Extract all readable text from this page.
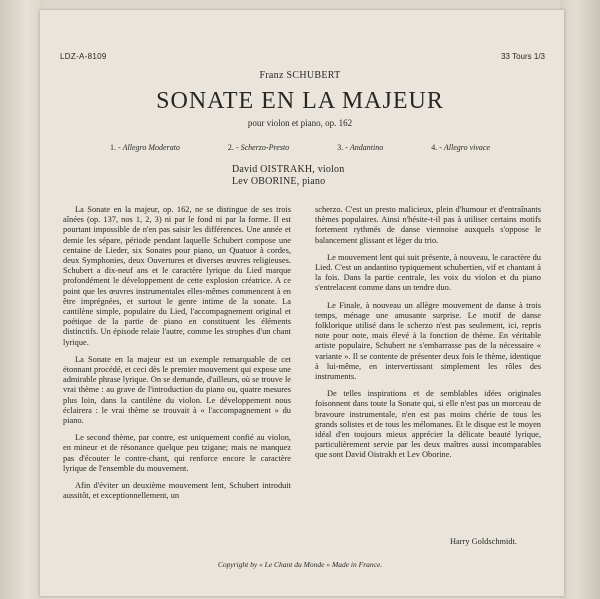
LDZ-A-8109	33 Tours 1/3
Franz SCHUBERT
SONATE EN LA MAJEUR
pour violon et piano, op. 162
1. - Allegro Moderato	2. - Scherzo-Presto	3. - Andantino	4. - Allegro vivace
David OISTRAKH, violon
Lev OBORINE, piano

La Sonate en la majeur, op. 162, ne se distingue de ses trois aînées (op. 137, nos 1, 2, 3) ni par le fond ni par la forme. Il est pourtant impossible de n'en pas saisir les différences. Une année et demie les sépare, période pendant laquelle Schubert compose une centaine de Lieder, six Sonates pour piano, un Quatuor à cordes, deux Symphonies, deux Ouvertures et diverses œuvres religieuses. Schubert a dix-neuf ans et le caractère lyrique du Lied marque profondément le développement de cette explosion créatrice. A ce point que les œuvres instrumentales elles-mêmes commencent à en être imprégnées, et surtout le genre intime de la sonate. La cantilène simple, populaire du Lied, l'accompagnement original et poétique de la partie de piano en constituent les éléments distinctifs. Un épisode relaie l'autre, comme les strophes d'un chant lyrique.

La Sonate en la majeur est un exemple remarquable de cet étonnant procédé, et ceci dès le premier mouvement qui expose une admirable phrase lyrique. On se demande, d'ailleurs, où se trouve le vrai thème : au grave de l'introduction du piano ou, quatre mesures plus loin, dans la cantilène du violon. Le développement nous éclairera : le vrai thème se trouvait à « l'accompagnement » du piano.

Le second thème, par contre, est uniquement confié au violon, en mineur et de résonance quelque peu tzigane; mais ne manquez pas d'écouter le contre-chant, qui renforce encore le caractère lyrique de l'ensemble du mouvement.

Afin d'éviter un deuxième mouvement lent, Schubert introduit aussitôt, et exceptionnellement, un

scherzo. C'est un presto malicieux, plein d'humour et d'entraînants thèmes populaires. Ainsi n'hésite-t-il pas à utiliser certains motifs fortement rythmés de danse viennoise auxquels s'oppose le balancement glissant et léger du trio.

Le mouvement lent qui suit présente, à nouveau, le caractère du Lied. C'est un andantino typiquement schubertien, vif et chantant à la fois. Dans la partie centrale, les voix du violon et du piano s'entrelacent comme dans un tendre duo.

Le Finale, à nouveau un allègre mouvement de danse à trois temps, ménage une amusante surprise. Le motif de danse folklorique utilisé dans le scherzo n'est pas seulement, ici, repris note pour note, mais élevé à la fonction de thème. En véritable artiste populaire, Schubert ne s'embarrasse pas de la nécessaire « variante ». Il se contente de présenter deux fois le thème, identique à lui-même, en intervertissant simplement les rôles des instruments.

De telles inspirations et de semblables idées originales foisonnent dans toute la Sonate qui, si elle n'est pas un morceau de bravoure instrumentale, n'en est pas moins chérie de tous les grands solistes et de tous les mélomanes. Et le disque est le moyen idéal d'en toujours mieux apprécier la délicate beauté lyrique, particulièrement servie par les deux maîtres aussi incomparables que sont David Oistrakh et Lev Oborine.

Harry Goldschmidt.
Copyright by « Le Chant du Monde » Made in France.
